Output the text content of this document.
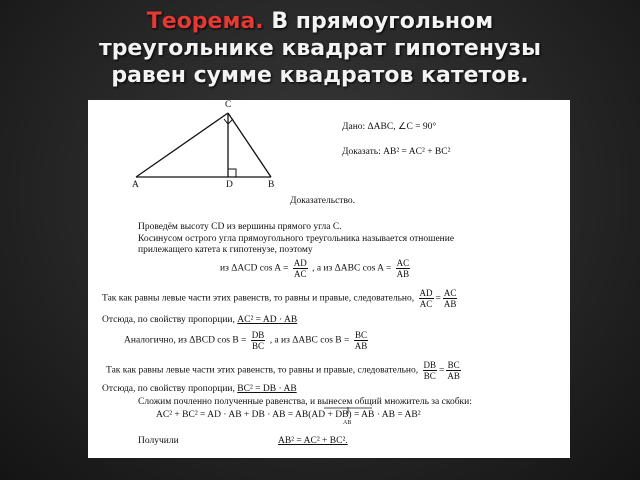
Теорема. В прямоугольном
треугольнике квадрат гипотенузы
равен сумме квадратов катетов.
C
A	D	B
Дано: ΔABC, ∠C = 90°
Доказать: AB² = AC² + BC²
Доказательство.
Проведём высоту CD из вершины прямого угла C.
Косинусом острого угла прямоугольного треугольника называется отношение
прилежащего катета к гипотенузе, поэтому
из ΔACD $\cos A = \frac{AD}{AC}$ , а из ΔABC $\cos A = \frac{AC}{AB}$
Так как равны левые части этих равенств, то равны и правые, следовательно, $\frac{AD}{AC} = \frac{AC}{AB}$
Отсюда, по свойству пропорции, AC² = AD · AB
Аналогично, из ΔBCD $\cos B = \frac{DB}{BC}$ , а из ΔABC $\cos B = \frac{BC}{AB}$
Так как равны левые части этих равенств, то равны и правые, следовательно, $\frac{DB}{BC} = \frac{BC}{AB}$
Отсюда, по свойству пропорции, BC² = DB · AB
Сложим почленно полученные равенства, и вынесем общий множитель за скобки:
AC² + BC² = AD · AB + DB · AB = AB(AD + DB) = AB · AB = AB²
AB
Получили	AB² = AC² + BC².
